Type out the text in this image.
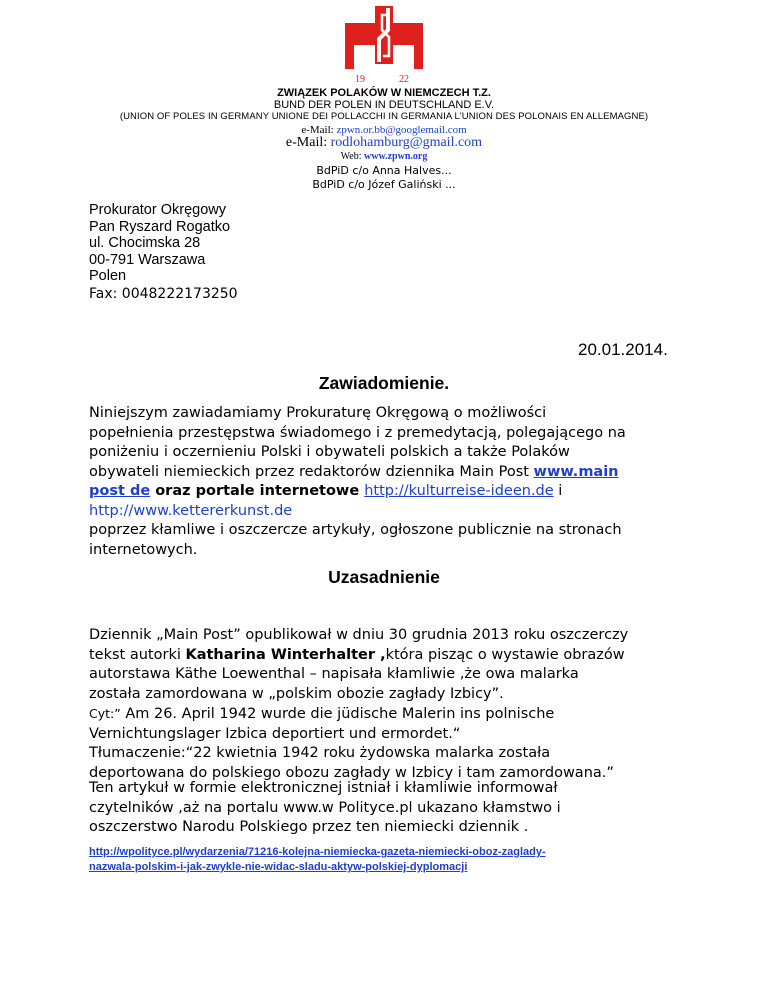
19	22
ZWIĄZEK POLAKÓW W NIEMCZECH T.Z.
BUND DER POLEN IN DEUTSCHLAND E.V.
(UNION OF POLES IN GERMANY UNIONE DEI POLLACCHI IN GERMANIA L'UNION DES POLONAIS EN ALLEMAGNE)
e-Mail: zpwn.or.bb@googlemail.com
e-Mail: rodlohamburg@gmail.com
Web: www.zpwn.org
BdPiD c/o Anna Halves...
BdPiD c/o Józef Galiński ...
Prokurator Okręgowy
Pan Ryszard Rogatko
ul. Chocimska 28
00-791 Warszawa
Polen
Fax: 0048222173250
20.01.2014.
Zawiadomienie.
Niniejszym zawiadamiamy Prokuraturę Okręgową o możliwości
popełnienia przestępstwa świadomego i z premedytacją, polegającego na
poniżeniu i oczernieniu Polski i obywateli polskich a także Polaków
obywateli niemieckich przez redaktorów dziennika Main Post www.main
post de oraz portale internetowe http://kulturreise-ideen.de i
http://www.kettererkunst.de
poprzez kłamliwe i oszczercze artykuły, ogłoszone publicznie na stronach
internetowych.
Uzasadnienie
Dziennik „Main Post” opublikował w dniu 30 grudnia 2013 roku oszczerczy
tekst autorki Katharina Winterhalter ,która pisząc o wystawie obrazów
autorstawa Käthe Loewenthal – napisała kłamliwie ,że owa malarka
została zamordowana w „polskim obozie zagłady Izbicy”.
Cyt:” Am 26. April 1942 wurde die jüdische Malerin ins polnische
Vernichtungslager Izbica deportiert und ermordet.“
Tłumaczenie:“22 kwietnia 1942 roku żydowska malarka została
deportowana do polskiego obozu zagłady w Izbicy i tam zamordowana.”
Ten artykuł w formie elektronicznej istniał i kłamliwie informował
czytelników ,aż na portalu www.w Polityce.pl ukazano kłamstwo i
oszczerstwo Narodu Polskiego przez ten niemiecki dziennik .
http://wpolityce.pl/wydarzenia/71216-kolejna-niemiecka-gazeta-niemiecki-oboz-zaglady-
nazwala-polskim-i-jak-zwykle-nie-widac-sladu-aktyw-polskiej-dyplomacji
